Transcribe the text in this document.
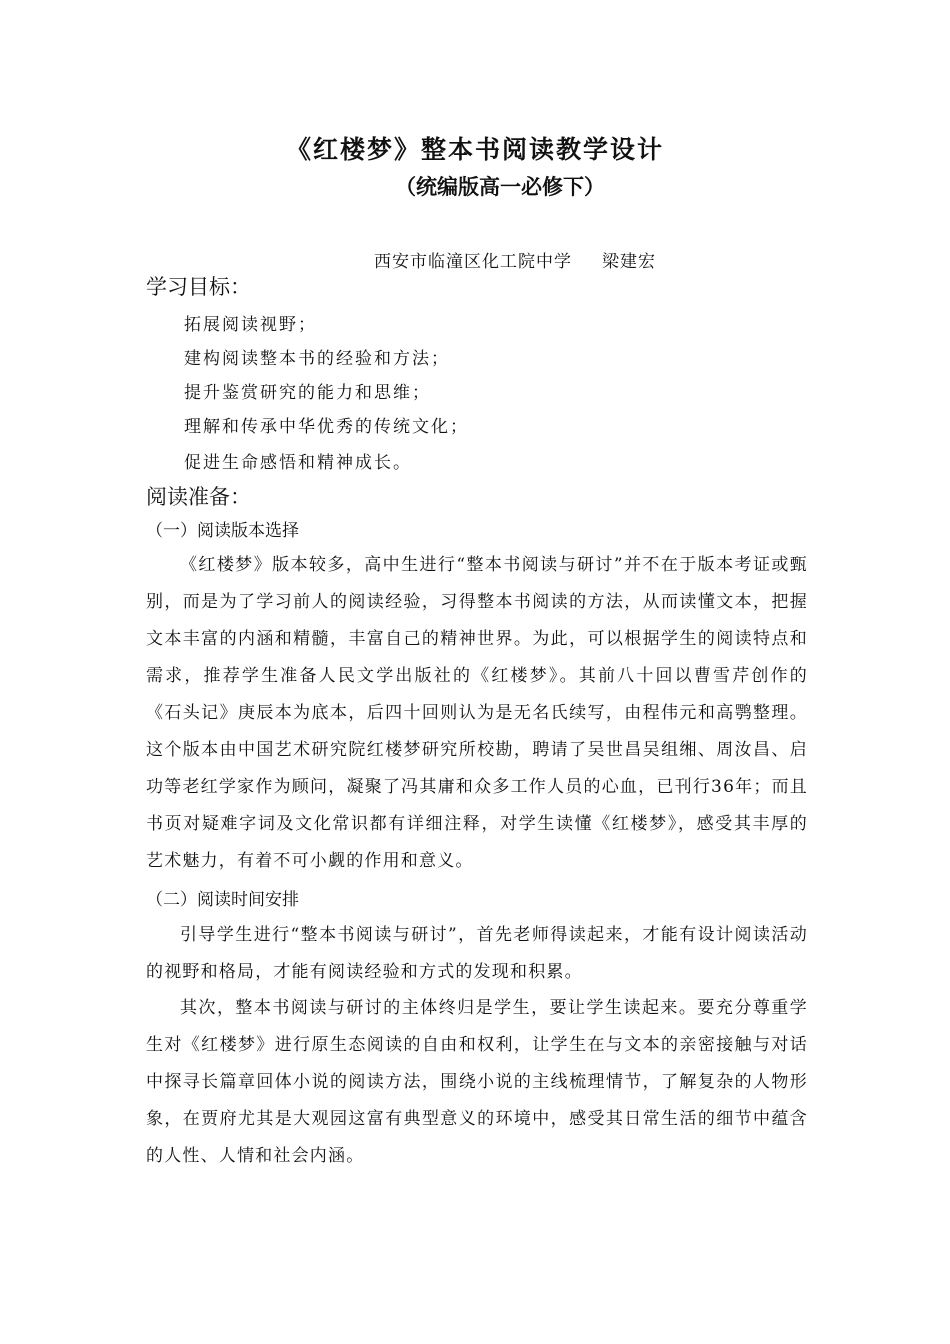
《红楼梦》整本书阅读教学设计
（统编版高一必修下）
西安市临潼区化工院中学 梁建宏
学习目标：
拓展阅读视野；
建构阅读整本书的经验和方法；
提升鉴赏研究的能力和思维；
理解和传承中华优秀的传统文化；
促进生命感悟和精神成长。
阅读准备：
（一）阅读版本选择

《红楼梦》版本较多，高中生进行“整本书阅读与研讨”并不在于版本考证或甄别，而是为了学习前人的阅读经验，习得整本书阅读的方法，从而读懂文本，把握文本丰富的内涵和精髓，丰富自己的精神世界。为此，可以根据学生的阅读特点和需求，推荐学生准备人民文学出版社的《红楼梦》。其前八十回以曹雪芹创作的《石头记》庚辰本为底本，后四十回则认为是无名氏续写，由程伟元和高鹗整理。这个版本由中国艺术研究院红楼梦研究所校勘，聘请了吴世昌吴组缃、周汝昌、启功等老红学家作为顾问，凝聚了冯其庸和众多工作人员的心血，已刊行36年；而且书页对疑难字词及文化常识都有详细注释，对学生读懂《红楼梦》，感受其丰厚的艺术魅力，有着不可小觑的作用和意义。

（二）阅读时间安排

引导学生进行“整本书阅读与研讨”，首先老师得读起来，才能有设计阅读活动的视野和格局，才能有阅读经验和方式的发现和积累。

其次，整本书阅读与研讨的主体终归是学生，要让学生读起来。要充分尊重学生对《红楼梦》进行原生态阅读的自由和权利，让学生在与文本的亲密接触与对话中探寻长篇章回体小说的阅读方法，围绕小说的主线梳理情节，了解复杂的人物形象，在贾府尤其是大观园这富有典型意义的环境中，感受其日常生活的细节中蕴含的人性、人情和社会内涵。
